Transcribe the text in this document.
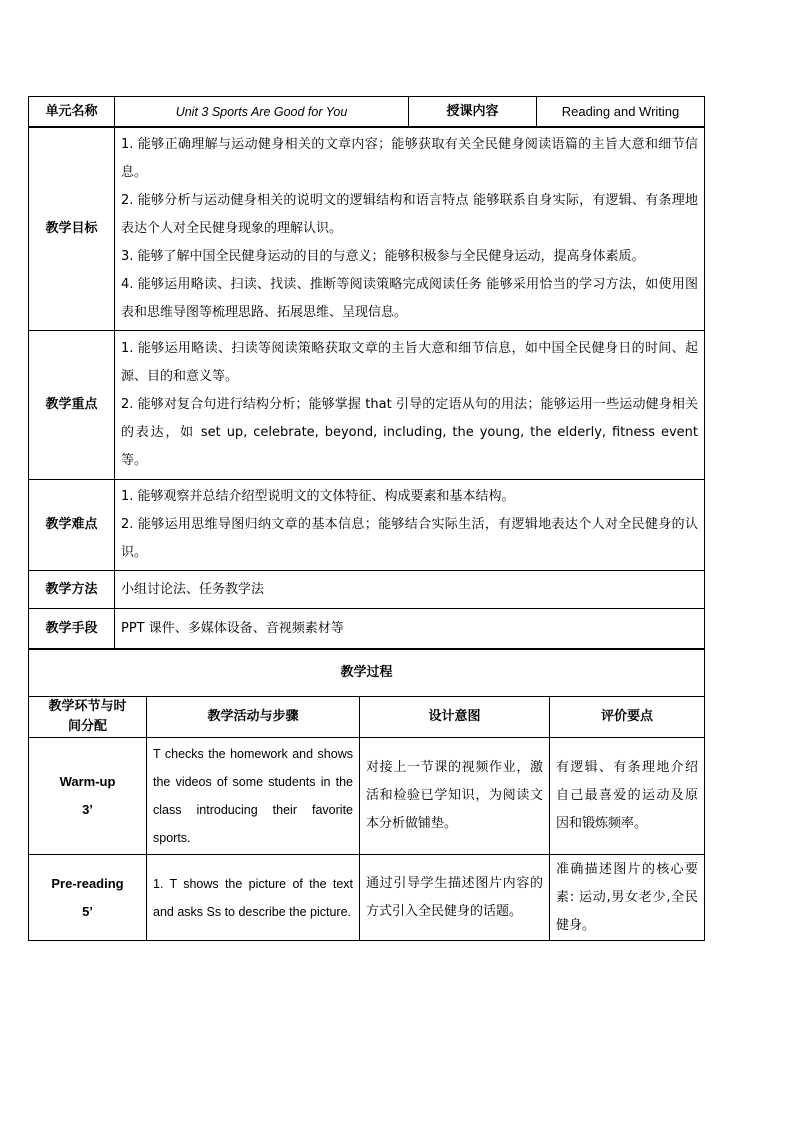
单元名称	Unit 3 Sports Are Good for You	授课内容	Reading and Writing
教学目标	1. 能够正确理解与运动健身相关的文章内容；能够获取有关全民健身阅读语篇的主旨大意和细节信息。

2. 能够分析与运动健身相关的说明文的逻辑结构和语言特点 能够联系自身实际，有逻辑、有条理地表达个人对全民健身现象的理解认识。

3. 能够了解中国全民健身运动的目的与意义；能够积极参与全民健身运动，提高身体素质。

4. 能够运用略读、扫读、找读、推断等阅读策略完成阅读任务 能够采用恰当的学习方法，如使用图表和思维导图等梳理思路、拓展思维、呈现信息。

教学重点	1. 能够运用略读、扫读等阅读策略获取文章的主旨大意和细节信息，如中国全民健身日的时间、起源、目的和意义等。

2. 能够对复合句进行结构分析；能够掌握 that 引导的定语从句的用法；能够运用一些运动健身相关的表达，如 set up, celebrate, beyond, including, the young, the elderly, fitness event 等。

教学难点	1. 能够观察并总结介绍型说明文的文体特征、构成要素和基本结构。

2. 能够运用思维导图归纳文章的基本信息；能够结合实际生活，有逻辑地表达个人对全民健身的认识。

教学方法	小组讨论法、任务教学法
教学手段	PPT 课件、多媒体设备、音视频素材等
教学过程			
教学环节与时间分配	教学活动与步骤	设计意图	评价要点

Warm-up
3’	T checks the homework and shows the videos of some students in the class introducing their favorite sports.	对接上一节课的视频作业，激活和检验已学知识，为阅读文本分析做铺垫。	有逻辑、有条理地介绍自己最喜爱的运动及原因和锻炼频率。

Pre-reading
5’	1. T shows the picture of the text and asks Ss to describe the picture.	通过引导学生描述图片内容的方式引入全民健身的话题。	准确描述图片的核心要素: 运动,男女老少,全民健身。
